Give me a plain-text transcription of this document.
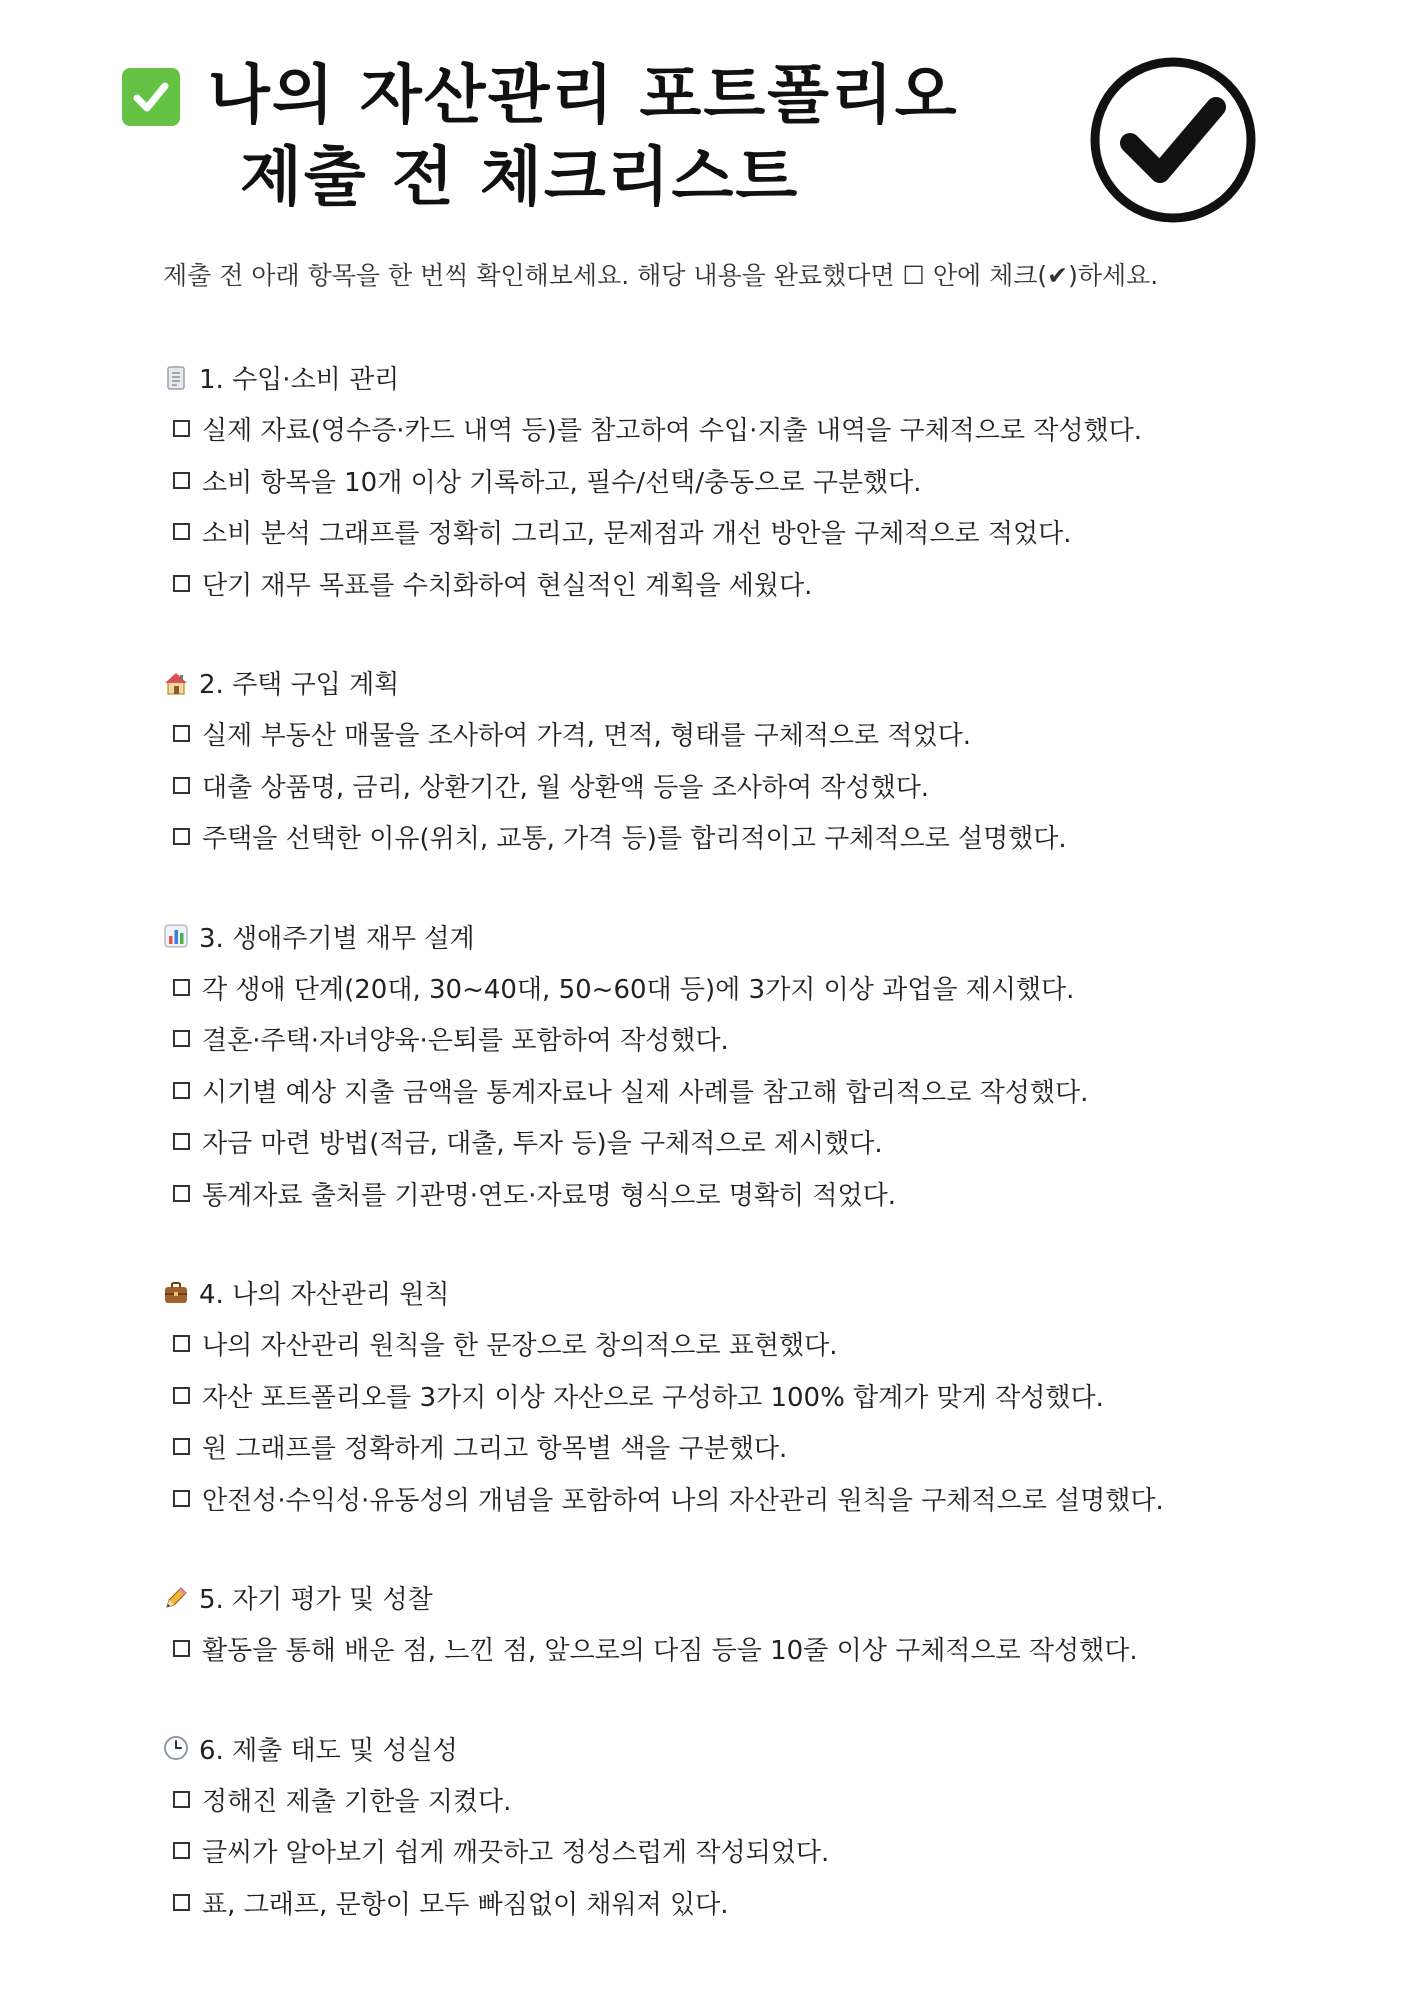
나의 자산관리 포트폴리오
제출 전 체크리스트
제출 전 아래 항목을 한 번씩 확인해보세요. 해당 내용을 완료했다면 ☐ 안에 체크(✔)하세요.
1. 수입·소비 관리
실제 자료(영수증·카드 내역 등)를 참고하여 수입·지출 내역을 구체적으로 작성했다.
소비 항목을 10개 이상 기록하고, 필수/선택/충동으로 구분했다.
소비 분석 그래프를 정확히 그리고, 문제점과 개선 방안을 구체적으로 적었다.
단기 재무 목표를 수치화하여 현실적인 계획을 세웠다.
2. 주택 구입 계획
실제 부동산 매물을 조사하여 가격, 면적, 형태를 구체적으로 적었다.
대출 상품명, 금리, 상환기간, 월 상환액 등을 조사하여 작성했다.
주택을 선택한 이유(위치, 교통, 가격 등)를 합리적이고 구체적으로 설명했다.
3. 생애주기별 재무 설계
각 생애 단계(20대, 30~40대, 50~60대 등)에 3가지 이상 과업을 제시했다.
결혼·주택·자녀양육·은퇴를 포함하여 작성했다.
시기별 예상 지출 금액을 통계자료나 실제 사례를 참고해 합리적으로 작성했다.
자금 마련 방법(적금, 대출, 투자 등)을 구체적으로 제시했다.
통계자료 출처를 기관명·연도·자료명 형식으로 명확히 적었다.
4. 나의 자산관리 원칙
나의 자산관리 원칙을 한 문장으로 창의적으로 표현했다.
자산 포트폴리오를 3가지 이상 자산으로 구성하고 100% 합계가 맞게 작성했다.
원 그래프를 정확하게 그리고 항목별 색을 구분했다.
안전성·수익성·유동성의 개념을 포함하여 나의 자산관리 원칙을 구체적으로 설명했다.
5. 자기 평가 및 성찰
활동을 통해 배운 점, 느낀 점, 앞으로의 다짐 등을 10줄 이상 구체적으로 작성했다.
6. 제출 태도 및 성실성
정해진 제출 기한을 지켰다.
글씨가 알아보기 쉽게 깨끗하고 정성스럽게 작성되었다.
표, 그래프, 문항이 모두 빠짐없이 채워져 있다.
